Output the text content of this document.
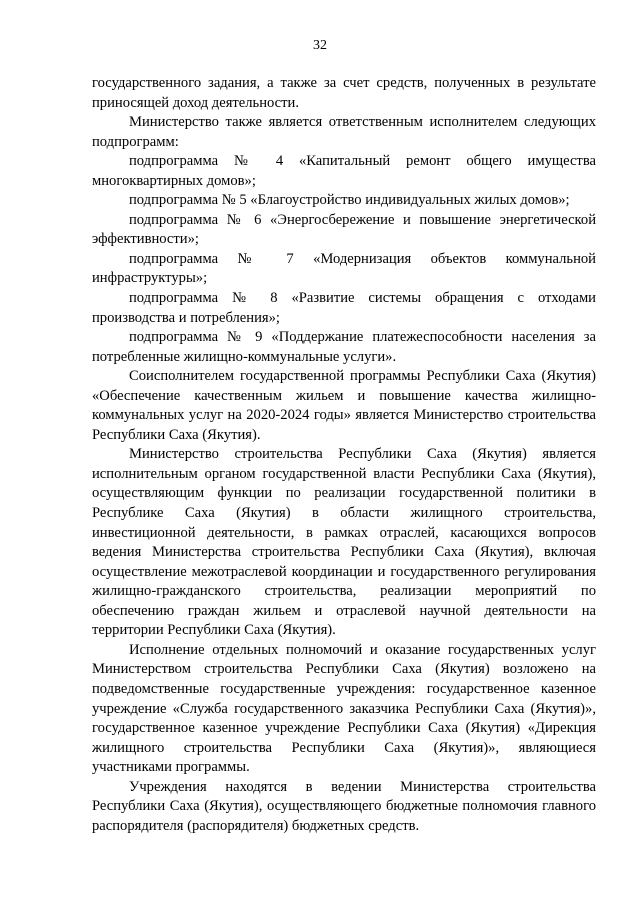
32

государственного задания, а также за счет средств, полученных в результате приносящей доход деятельности.

Министерство также является ответственным исполнителем следующих подпрограмм:

подпрограмма № 4 «Капитальный ремонт общего имущества многоквартирных домов»;

подпрограмма № 5 «Благоустройство индивидуальных жилых домов»;

подпрограмма № 6 «Энергосбережение и повышение энергетической эффективности»;

подпрограмма № 7 «Модернизация объектов коммунальной инфраструктуры»;

подпрограмма № 8 «Развитие системы обращения с отходами производства и потребления»;

подпрограмма № 9 «Поддержание платежеспособности населения за потребленные жилищно-коммунальные услуги».

Соисполнителем государственной программы Республики Саха (Якутия) «Обеспечение качественным жильем и повышение качества жилищно-коммунальных услуг на 2020-2024 годы» является Министерство строительства Республики Саха (Якутия).

Министерство строительства Республики Саха (Якутия) является исполнительным органом государственной власти Республики Саха (Якутия), осуществляющим функции по реализации государственной политики в Республике Саха (Якутия) в области жилищного строительства, инвестиционной деятельности, в рамках отраслей, касающихся вопросов ведения Министерства строительства Республики Саха (Якутия), включая осуществление межотраслевой координации и государственного регулирования жилищно-гражданского строительства, реализации мероприятий по обеспечению граждан жильем и отраслевой научной деятельности на территории Республики Саха (Якутия).

Исполнение отдельных полномочий и оказание государственных услуг Министерством строительства Республики Саха (Якутия) возложено на подведомственные государственные учреждения: государственное казенное учреждение «Служба государственного заказчика Республики Саха (Якутия)», государственное казенное учреждение Республики Саха (Якутия) «Дирекция жилищного строительства Республики Саха (Якутия)», являющиеся участниками программы.

Учреждения находятся в ведении Министерства строительства Республики Саха (Якутия), осуществляющего бюджетные полномочия главного распорядителя (распорядителя) бюджетных средств.
